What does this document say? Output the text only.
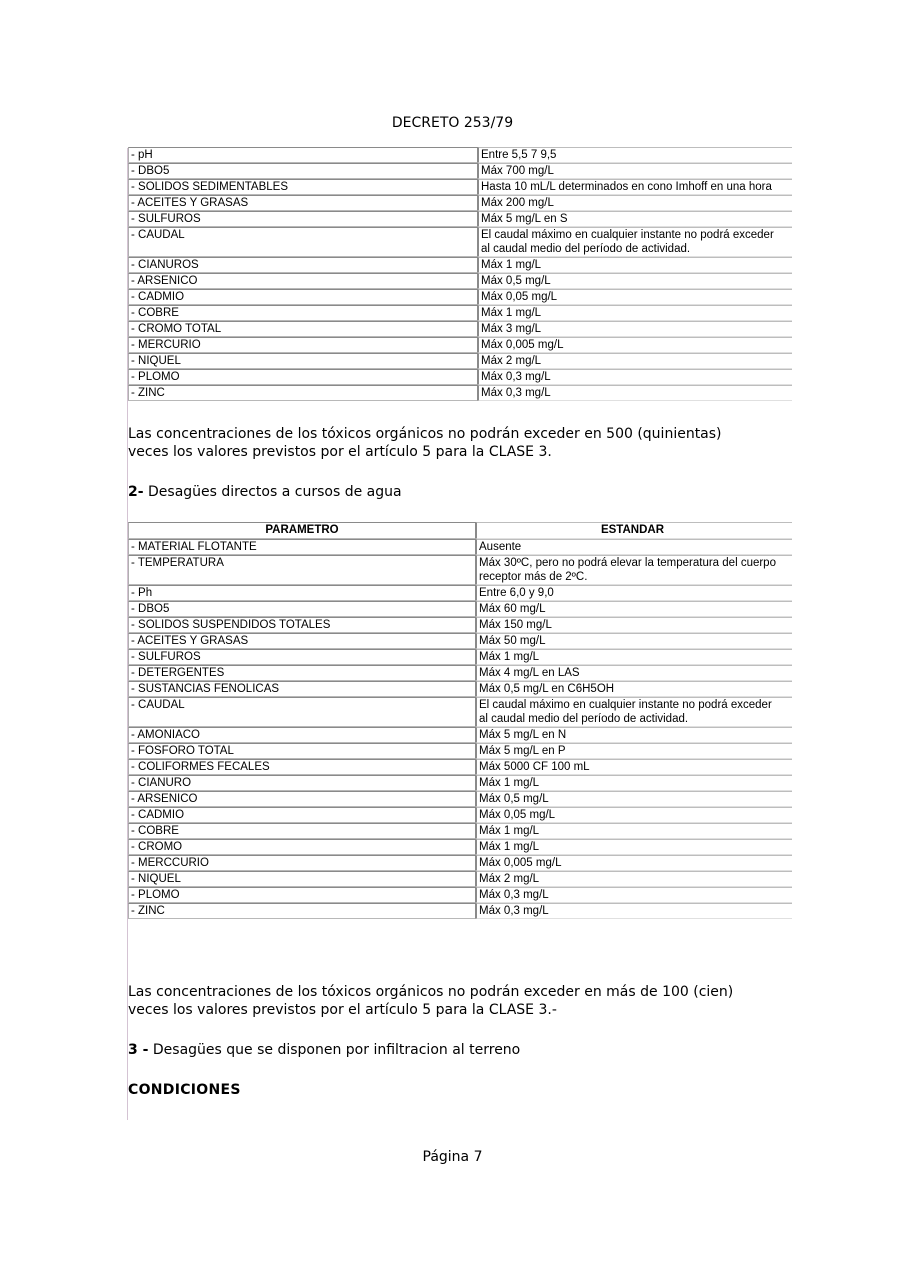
DECRETO 253/79
- pH	Entre 5,5 7 9,5

- DBO5	Máx 700 mg/L

- SOLIDOS SEDIMENTABLES	Hasta 10 mL/L determinados en cono Imhoff en una hora

- ACEITES Y GRASAS	Máx 200 mg/L

- SULFUROS	Máx 5 mg/L en S

- CAUDAL	El caudal máximo en cualquier instante no podrá exceder
al caudal medio del período de actividad.

- CIANUROS	Máx 1 mg/L

- ARSENICO	Máx 0,5 mg/L

- CADMIO	Máx 0,05 mg/L

- COBRE	Máx 1 mg/L

- CROMO TOTAL	Máx 3 mg/L

- MERCURIO	Máx 0,005 mg/L

- NIQUEL	Máx 2 mg/L

- PLOMO	Máx 0,3 mg/L

- ZINC	Máx 0,3 mg/L
Las concentraciones de los tóxicos orgánicos no podrán exceder en 500 (quinientas)
veces los valores previstos por el artículo 5 para la CLASE 3.
2- Desagües directos a cursos de agua
PARAMETRO	ESTANDAR
- MATERIAL FLOTANTE	Ausente

- TEMPERATURA	Máx 30ºC, pero no podrá elevar la temperatura del cuerpo
receptor más de 2ºC.

- Ph	Entre 6,0 y 9,0

- DBO5	Máx 60 mg/L

- SOLIDOS SUSPENDIDOS TOTALES	Máx 150 mg/L

- ACEITES Y GRASAS	Máx 50 mg/L

- SULFUROS	Máx 1 mg/L

- DETERGENTES	Máx 4 mg/L en LAS

- SUSTANCIAS FENOLICAS	Máx 0,5 mg/L en C6H5OH

- CAUDAL	El caudal máximo en cualquier instante no podrá exceder
al caudal medio del período de actividad.

- AMONIACO	Máx 5 mg/L en N

- FOSFORO TOTAL	Máx 5 mg/L en P

- COLIFORMES FECALES	Máx 5000 CF 100 mL

- CIANURO	Máx 1 mg/L

- ARSENICO	Máx 0,5 mg/L

- CADMIO	Máx 0,05 mg/L

- COBRE	Máx 1 mg/L

- CROMO	Máx 1 mg/L

- MERCCURIO	Máx 0,005 mg/L

- NIQUEL	Máx 2 mg/L

- PLOMO	Máx 0,3 mg/L

- ZINC	Máx 0,3 mg/L
Las concentraciones de los tóxicos orgánicos no podrán exceder en más de 100 (cien)
veces los valores previstos por el artículo 5 para la CLASE 3.-
3 - Desagües que se disponen por infiltracion al terreno
CONDICIONES
Página 7
